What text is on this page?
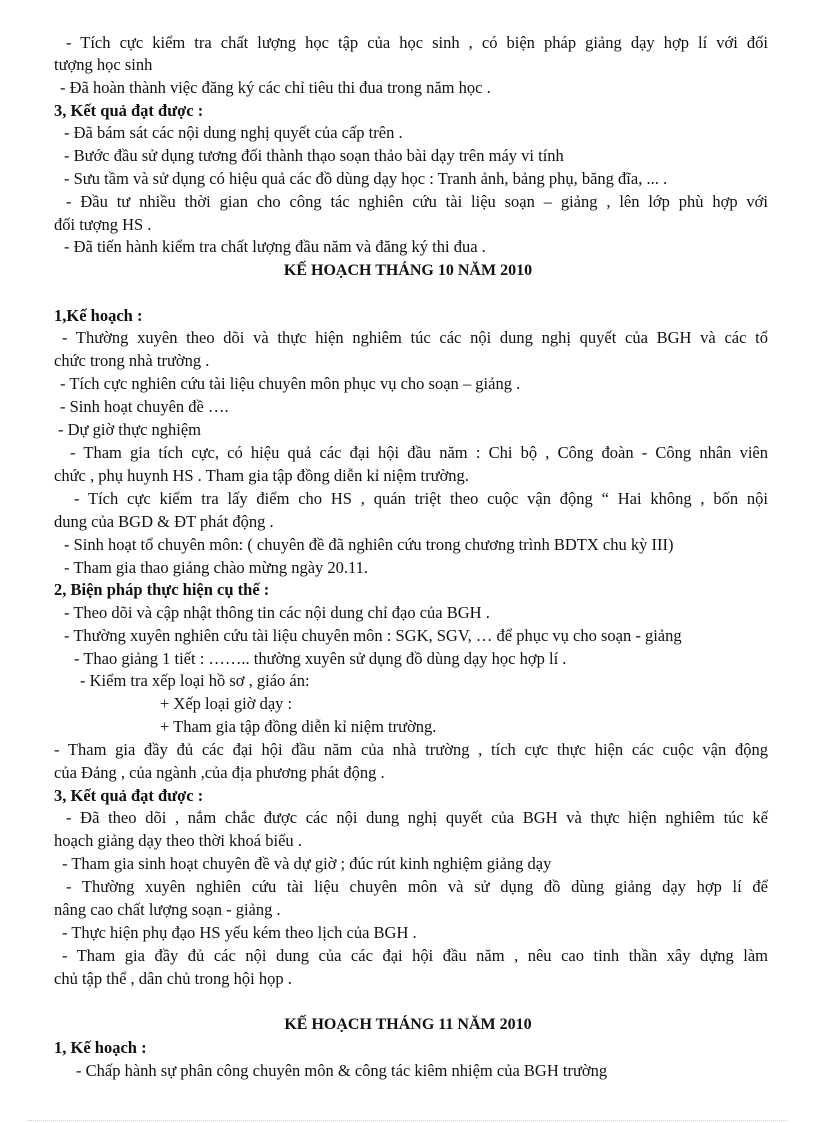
- Tích cực kiểm tra chất lượng học tập của học sinh , có biện pháp giảng dạy hợp lí với đối
tượng học sinh
- Đã hoàn thành việc đăng ký các chỉ tiêu thi đua trong năm học .
3, Kết quả đạt được :
- Đã bám sát các nội dung nghị quyết của cấp trên .
- Bước đầu sử dụng tương đối thành thạo soạn thảo bài dạy trên máy vi tính
- Sưu tầm và sử dụng có hiệu quả các đồ dùng dạy học : Tranh ảnh, bảng phụ, băng đĩa, ... .
- Đầu tư nhiều thời gian cho công tác nghiên cứu tài liệu soạn – giảng , lên lớp phù hợp với
đối tượng HS .
- Đã tiến hành kiểm tra chất lượng đầu năm và đăng ký thi đua .
KẾ HOẠCH THÁNG 10 NĂM 2010
1,Kế hoạch :
- Thường xuyên theo dõi và thực hiện nghiêm túc các nội dung nghị quyết của BGH và các tổ
chức trong nhà trường .
- Tích cực nghiên cứu tài liệu chuyên môn phục vụ cho soạn – giảng .
- Sinh hoạt chuyên đề ….
- Dự giờ thực nghiệm
- Tham gia tích cực, có hiệu quả các đại hội đầu năm : Chi bộ , Công đoàn - Công nhân viên
chức , phụ huynh HS . Tham gia tập đồng diễn kỉ niệm trường.
- Tích cực kiểm tra lấy điểm cho HS , quán triệt theo cuộc vận động “ Hai không , bốn nội
dung của BGD & ĐT phát động .
- Sinh hoạt tổ chuyên môn: ( chuyên đề đã nghiên cứu trong chương trình BDTX chu kỳ III)
- Tham gia thao giảng chào mừng ngày 20.11.
2, Biện pháp thực hiện cụ thể :
- Theo dõi và cập nhật thông tin các nội dung chỉ đạo của BGH .
- Thường xuyên nghiên cứu tài liệu chuyên môn : SGK, SGV, … để phục vụ cho soạn - giảng
- Thao giảng 1 tiết : …….. thường xuyên sử dụng đồ dùng dạy học hợp lí .
- Kiểm tra xếp loại hồ sơ , giáo án:
+ Xếp loại giờ dạy :
+ Tham gia tập đồng diễn kỉ niệm trường.
- Tham gia đầy đủ các đại hội đầu năm của nhà trường , tích cực thực hiện các cuộc vận động
của Đảng , của ngành ,của địa phương phát động .
3, Kết quả đạt được :
- Đã theo dõi , nắm chắc được các nội dung nghị quyết của BGH và thực hiện nghiêm túc kế
hoạch giảng dạy theo thời khoá biểu .
- Tham gia sinh hoạt chuyên đề và dự giờ ; đúc rút kinh nghiệm giảng dạy
- Thường xuyên nghiên cứu tài liệu chuyên môn và sử dụng đồ dùng giảng dạy hợp lí để
nâng cao chất lượng soạn - giảng .
- Thực hiện phụ đạo HS yếu kém theo lịch của BGH .
- Tham gia đầy đủ các nội dung của các đại hội đầu năm , nêu cao tinh thần xây dựng làm
chủ tập thể , dân chủ trong hội họp .
KẾ HOẠCH THÁNG 11 NĂM 2010
1, Kế hoạch :
- Chấp hành sự phân công chuyên môn & công tác kiêm nhiệm của BGH trường
